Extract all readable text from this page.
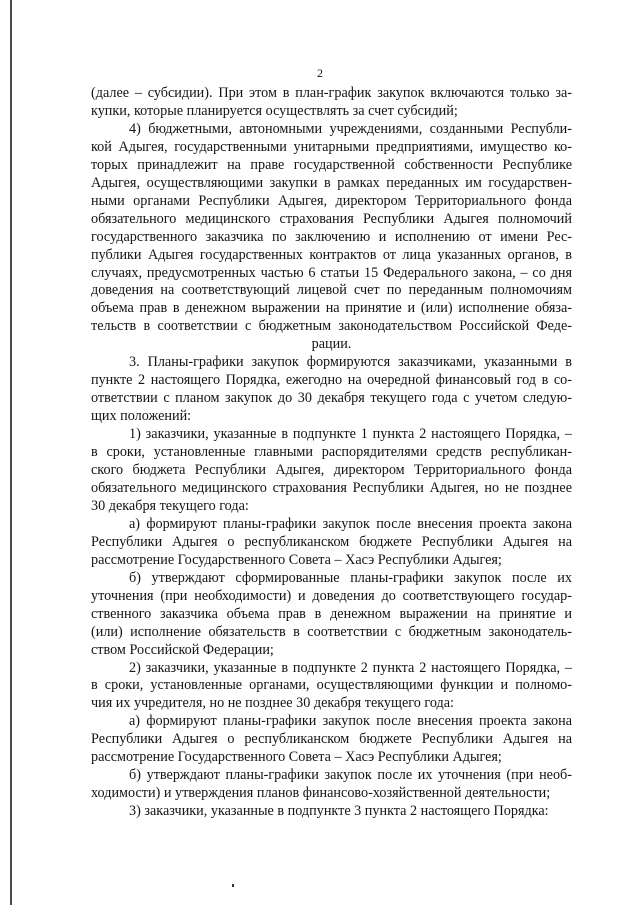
2

(далее – субсидии). При этом в план-график закупок включаются только за-

купки, которые планируется осуществлять за счет субсидий;

4) бюджетными, автономными учреждениями, созданными Республи-

кой Адыгея, государственными унитарными предприятиями, имущество ко-

торых принадлежит на праве государственной собственности Республике

Адыгея, осуществляющими закупки в рамках переданных им государствен-

ными органами Республики Адыгея, директором Территориального фонда

обязательного медицинского страхования Республики Адыгея полномочий

государственного заказчика по заключению и исполнению от имени Рес-

публики Адыгея государственных контрактов от лица указанных органов, в

случаях, предусмотренных частью 6 статьи 15 Федерального закона, – со дня

доведения на соответствующий лицевой счет по переданным полномочиям

объема прав в денежном выражении на принятие и (или) исполнение обяза-

тельств в соответствии с бюджетным законодательством Российской Феде-

рации.

3. Планы-графики закупок формируются заказчиками, указанными в

пункте 2 настоящего Порядка, ежегодно на очередной финансовый год в со-

ответствии с планом закупок до 30 декабря текущего года с учетом следую-

щих положений:

1) заказчики, указанные в подпункте 1 пункта 2 настоящего Порядка, –

в сроки, установленные главными распорядителями средств республикан-

ского бюджета Республики Адыгея, директором Территориального фонда

обязательного медицинского страхования Республики Адыгея, но не позднее

30 декабря текущего года:

а) формируют планы-графики закупок после внесения проекта закона

Республики Адыгея о республиканском бюджете Республики Адыгея на

рассмотрение Государственного Совета – Хасэ Республики Адыгея;

б) утверждают сформированные планы-графики закупок после их

уточнения (при необходимости) и доведения до соответствующего государ-

ственного заказчика объема прав в денежном выражении на принятие и

(или) исполнение обязательств в соответствии с бюджетным законодатель-

ством Российской Федерации;

2) заказчики, указанные в подпункте 2 пункта 2 настоящего Порядка, –

в сроки, установленные органами, осуществляющими функции и полномо-

чия их учредителя, но не позднее 30 декабря текущего года:

а) формируют планы-графики закупок после внесения проекта закона

Республики Адыгея о республиканском бюджете Республики Адыгея на

рассмотрение Государственного Совета – Хасэ Республики Адыгея;

б) утверждают планы-графики закупок после их уточнения (при необ-

ходимости) и утверждения планов финансово-хозяйственной деятельности;

3) заказчики, указанные в подпункте 3 пункта 2 настоящего Порядка:
